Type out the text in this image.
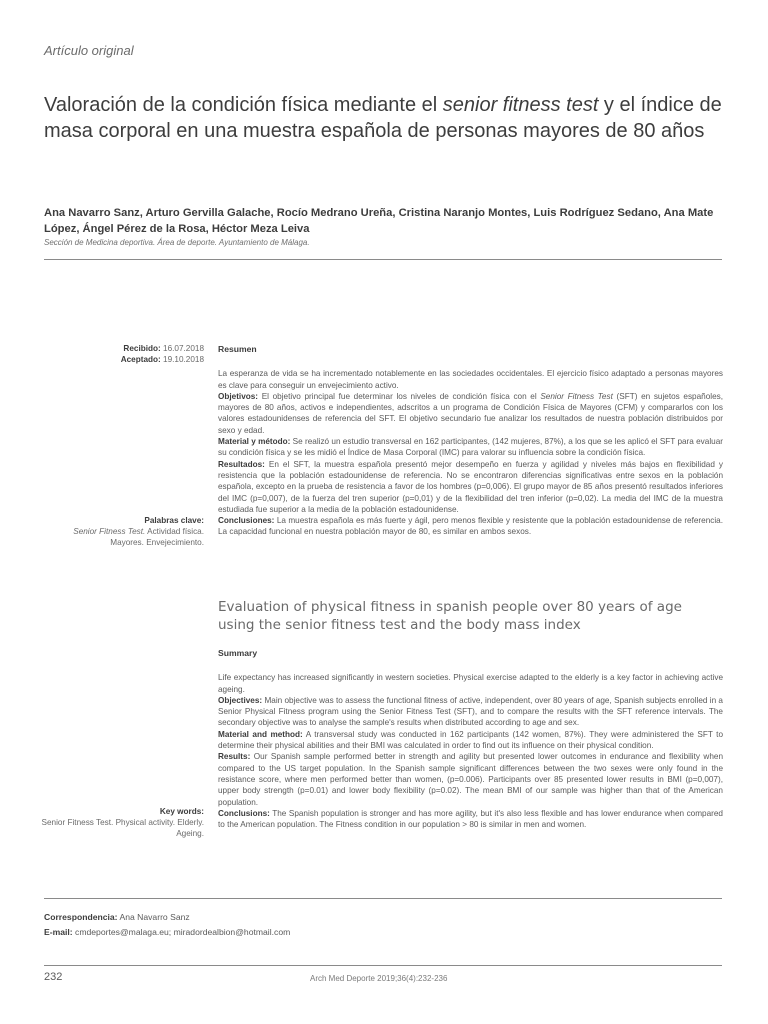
Artículo original
Valoración de la condición física mediante el senior fitness test y el índice de masa corporal en una muestra española de personas mayores de 80 años
Ana Navarro Sanz, Arturo Gervilla Galache, Rocío Medrano Ureña, Cristina Naranjo Montes, Luis Rodríguez Sedano, Ana Mate López, Ángel Pérez de la Rosa, Héctor Meza Leiva
Sección de Medicina deportiva. Área de deporte. Ayuntamiento de Málaga.
Recibido: 16.07.2018
Aceptado: 19.10.2018
Palabras clave:
Senior Fitness Test. Actividad física. Mayores. Envejecimiento.
Resumen

La esperanza de vida se ha incrementado notablemente en las sociedades occidentales. El ejercicio físico adaptado a personas mayores es clave para conseguir un envejecimiento activo.

Objetivos: El objetivo principal fue determinar los niveles de condición física con el Senior Fitness Test (SFT) en sujetos españoles, mayores de 80 años, activos e independientes, adscritos a un programa de Condición Física de Mayores (CFM) y compararlos con los valores estadounidenses de referencia del SFT. El objetivo secundario fue analizar los resultados de nuestra población distribuidos por sexo y edad.

Material y método: Se realizó un estudio transversal en 162 participantes, (142 mujeres, 87%), a los que se les aplicó el SFT para evaluar su condición física y se les midió el Índice de Masa Corporal (IMC) para valorar su influencia sobre la condición física.

Resultados: En el SFT, la muestra española presentó mejor desempeño en fuerza y agilidad y niveles más bajos en flexibilidad y resistencia que la población estadounidense de referencia. No se encontraron diferencias significativas entre sexos en la población española, excepto en la prueba de resistencia a favor de los hombres (p=0,006). El grupo mayor de 85 años presentó resultados inferiores del IMC (p=0,007), de la fuerza del tren superior (p=0,01) y de la flexibilidad del tren inferior (p=0,02). La media del IMC de la muestra estudiada fue superior a la media de la población estadounidense.

Conclusiones: La muestra española es más fuerte y ágil, pero menos flexible y resistente que la población estadounidense de referencia. La capacidad funcional en nuestra población mayor de 80, es similar en ambos sexos.

Evaluation of physical fitness in spanish people over 80 years of age using the senior fitness test and the body mass index
Key words:
Senior Fitness Test. Physical activity. Elderly. Ageing.
Summary

Life expectancy has increased significantly in western societies. Physical exercise adapted to the elderly is a key factor in achieving active ageing.

Objectives: Main objective was to assess the functional fitness of active, independent, over 80 years of age, Spanish subjects enrolled in a Senior Physical Fitness program using the Senior Fitness Test (SFT), and to compare the results with the SFT reference intervals. The secondary objective was to analyse the sample's results when distributed according to age and sex.

Material and method: A transversal study was conducted in 162 participants (142 women, 87%). They were administered the SFT to determine their physical abilities and their BMI was calculated in order to find out its influence on their physical condition.

Results: Our Spanish sample performed better in strength and agility but presented lower outcomes in endurance and flexibility when compared to the US target population. In the Spanish sample significant differences between the two sexes were only found in the resistance score, where men performed better than women, (p=0.006). Participants over 85 presented lower results in BMI (p=0,007), upper body strength (p=0.01) and lower body flexibility (p=0.02). The mean BMI of our sample was higher than that of the American population.

Conclusions: The Spanish population is stronger and has more agility, but it's also less flexible and has lower endurance when compared to the American population. The Fitness condition in our population > 80 is similar in men and women.

Correspondencia: Ana Navarro Sanz
E-mail: cmdeportes@malaga.eu; miradordealbion@hotmail.com
232	Arch Med Deporte 2019;36(4):232-236
